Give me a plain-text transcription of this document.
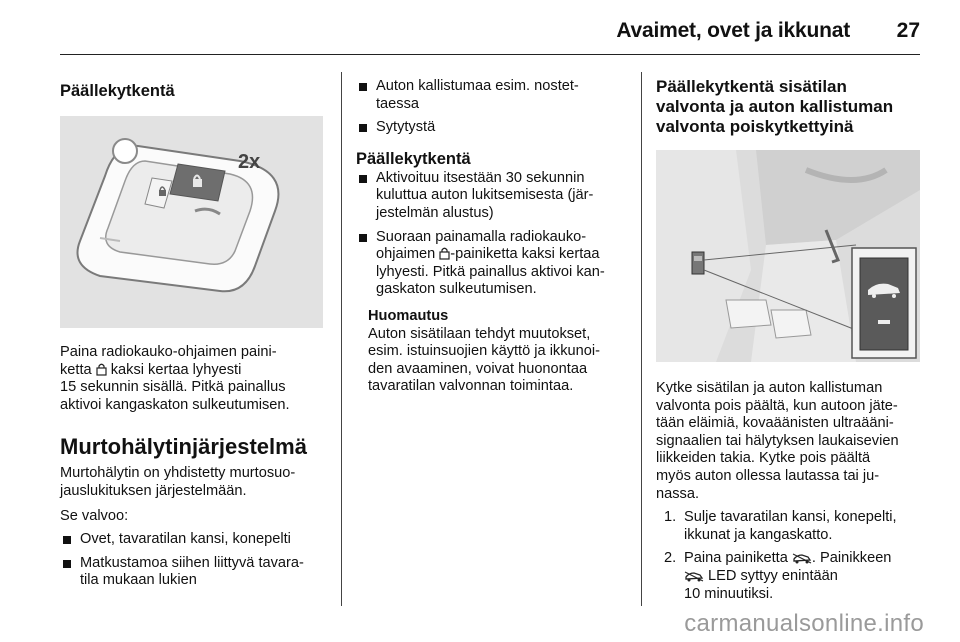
Avaimet, ovet ja ikkunat 27
Päällekytkentä
2x

Paina radiokauko-ohjaimen paini-
ketta  kaksi kertaa lyhyesti
15 sekunnin sisällä. Pitkä painallus
aktivoi kangaskaton sulkeutumisen.

Murtohälytinjärjestelmä

Murtohälytin on yhdistetty murtosuo-
jauslukituksen järjestelmään.

Se valvoo:

Ovet, tavaratilan kansi, konepelti
Matkustamoa siihen liittyvä tavara-
tila mukaan lukien
Auton kallistumaa esim. nostet-
taessa
Sytytystä
Päällekytkentä
Aktivoituu itsestään 30 sekunnin
kuluttua auton lukitsemisesta (jär-
jestelmän alustus)
Suoraan painamalla radiokauko-
ohjaimen -painiketta kaksi kertaa
lyhyesti. Pitkä painallus aktivoi kan-
gaskaton sulkeutumisen.
Huomautus

Auton sisätilaan tehdyt muutokset,
esim. istuinsuojien käyttö ja ikkunoi-
den avaaminen, voivat huonontaa
tavaratilan valvonnan toimintaa.

Päällekytkentä sisätilan
valvonta ja auton kallistuman
valvonta poiskytkettyinä

Kytke sisätilan ja auton kallistuman
valvonta pois päältä, kun autoon jäte-
tään eläimiä, kovaäänisten ultraääni-
signaalien tai hälytyksen laukaisevien
liikkeiden takia. Kytke pois päältä
myös auton ollessa lautassa tai ju-
nassa.

1. Sulje tavaratilan kansi, konepelti,
ikkunat ja kangaskatto.
2. Paina painiketta . Painikkeen
LED syttyy enintään
10 minuutiksi.
carmanualsonline.info
